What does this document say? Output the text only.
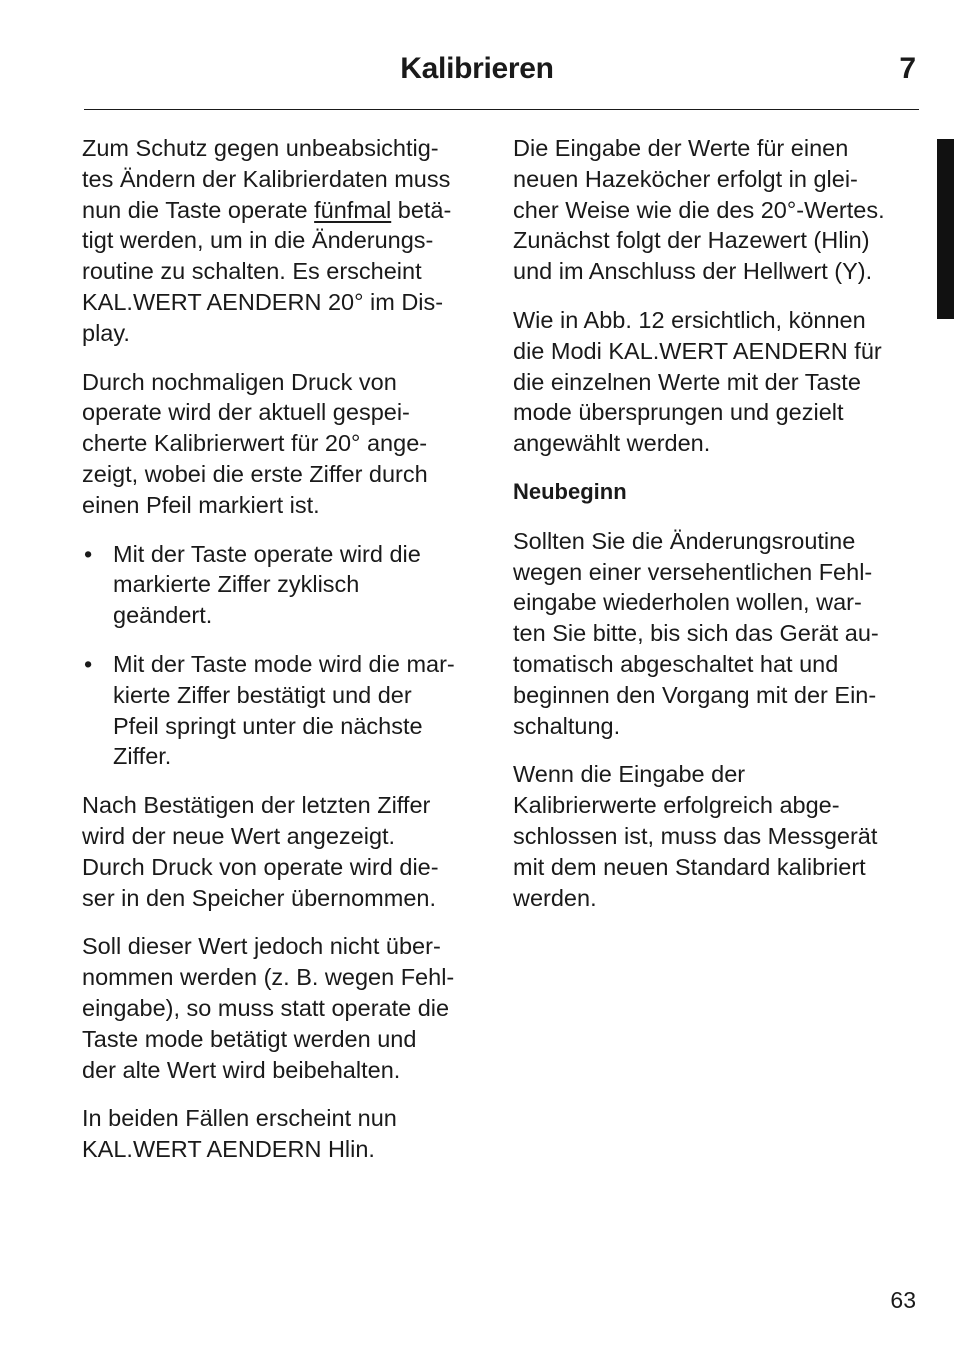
Kalibrieren	7
Zum Schutz gegen unbeabsichtig-
tes Ändern der Kalibrierdaten muss
nun die Taste operate fünfmal betä-
tigt werden, um in die Änderungs-
routine zu schalten. Es erscheint
KAL.WERT AENDERN 20° im Dis-
play.
Durch nochmaligen Druck von
operate wird der aktuell gespei-
cherte Kalibrierwert für 20° ange-
zeigt, wobei die erste Ziffer durch
einen Pfeil markiert ist.
• Mit der Taste operate wird die
markierte Ziffer zyklisch
geändert.
• Mit der Taste mode wird die mar-
kierte Ziffer bestätigt und der
Pfeil springt unter die nächste
Ziffer.
Nach Bestätigen der letzten Ziffer
wird der neue Wert angezeigt.
Durch Druck von operate wird die-
ser in den Speicher übernommen.
Soll dieser Wert jedoch nicht über-
nommen werden (z. B. wegen Fehl-
eingabe), so muss statt operate die
Taste mode betätigt werden und
der alte Wert wird beibehalten.
In beiden Fällen erscheint nun
KAL.WERT AENDERN Hlin.
Die Eingabe der Werte für einen
neuen Hazeköcher erfolgt in glei-
cher Weise wie die des 20°-Wertes.
Zunächst folgt der Hazewert (Hlin)
und im Anschluss der Hellwert (Y).
Wie in Abb. 12 ersichtlich, können
die Modi KAL.WERT AENDERN für
die einzelnen Werte mit der Taste
mode übersprungen und gezielt
angewählt werden.
Neubeginn
Sollten Sie die Änderungsroutine
wegen einer versehentlichen Fehl-
eingabe wiederholen wollen, war-
ten Sie bitte, bis sich das Gerät au-
tomatisch abgeschaltet hat und
beginnen den Vorgang mit der Ein-
schaltung.
Wenn die Eingabe der
Kalibrierwerte erfolgreich abge-
schlossen ist, muss das Messgerät
mit dem neuen Standard kalibriert
werden.
63
